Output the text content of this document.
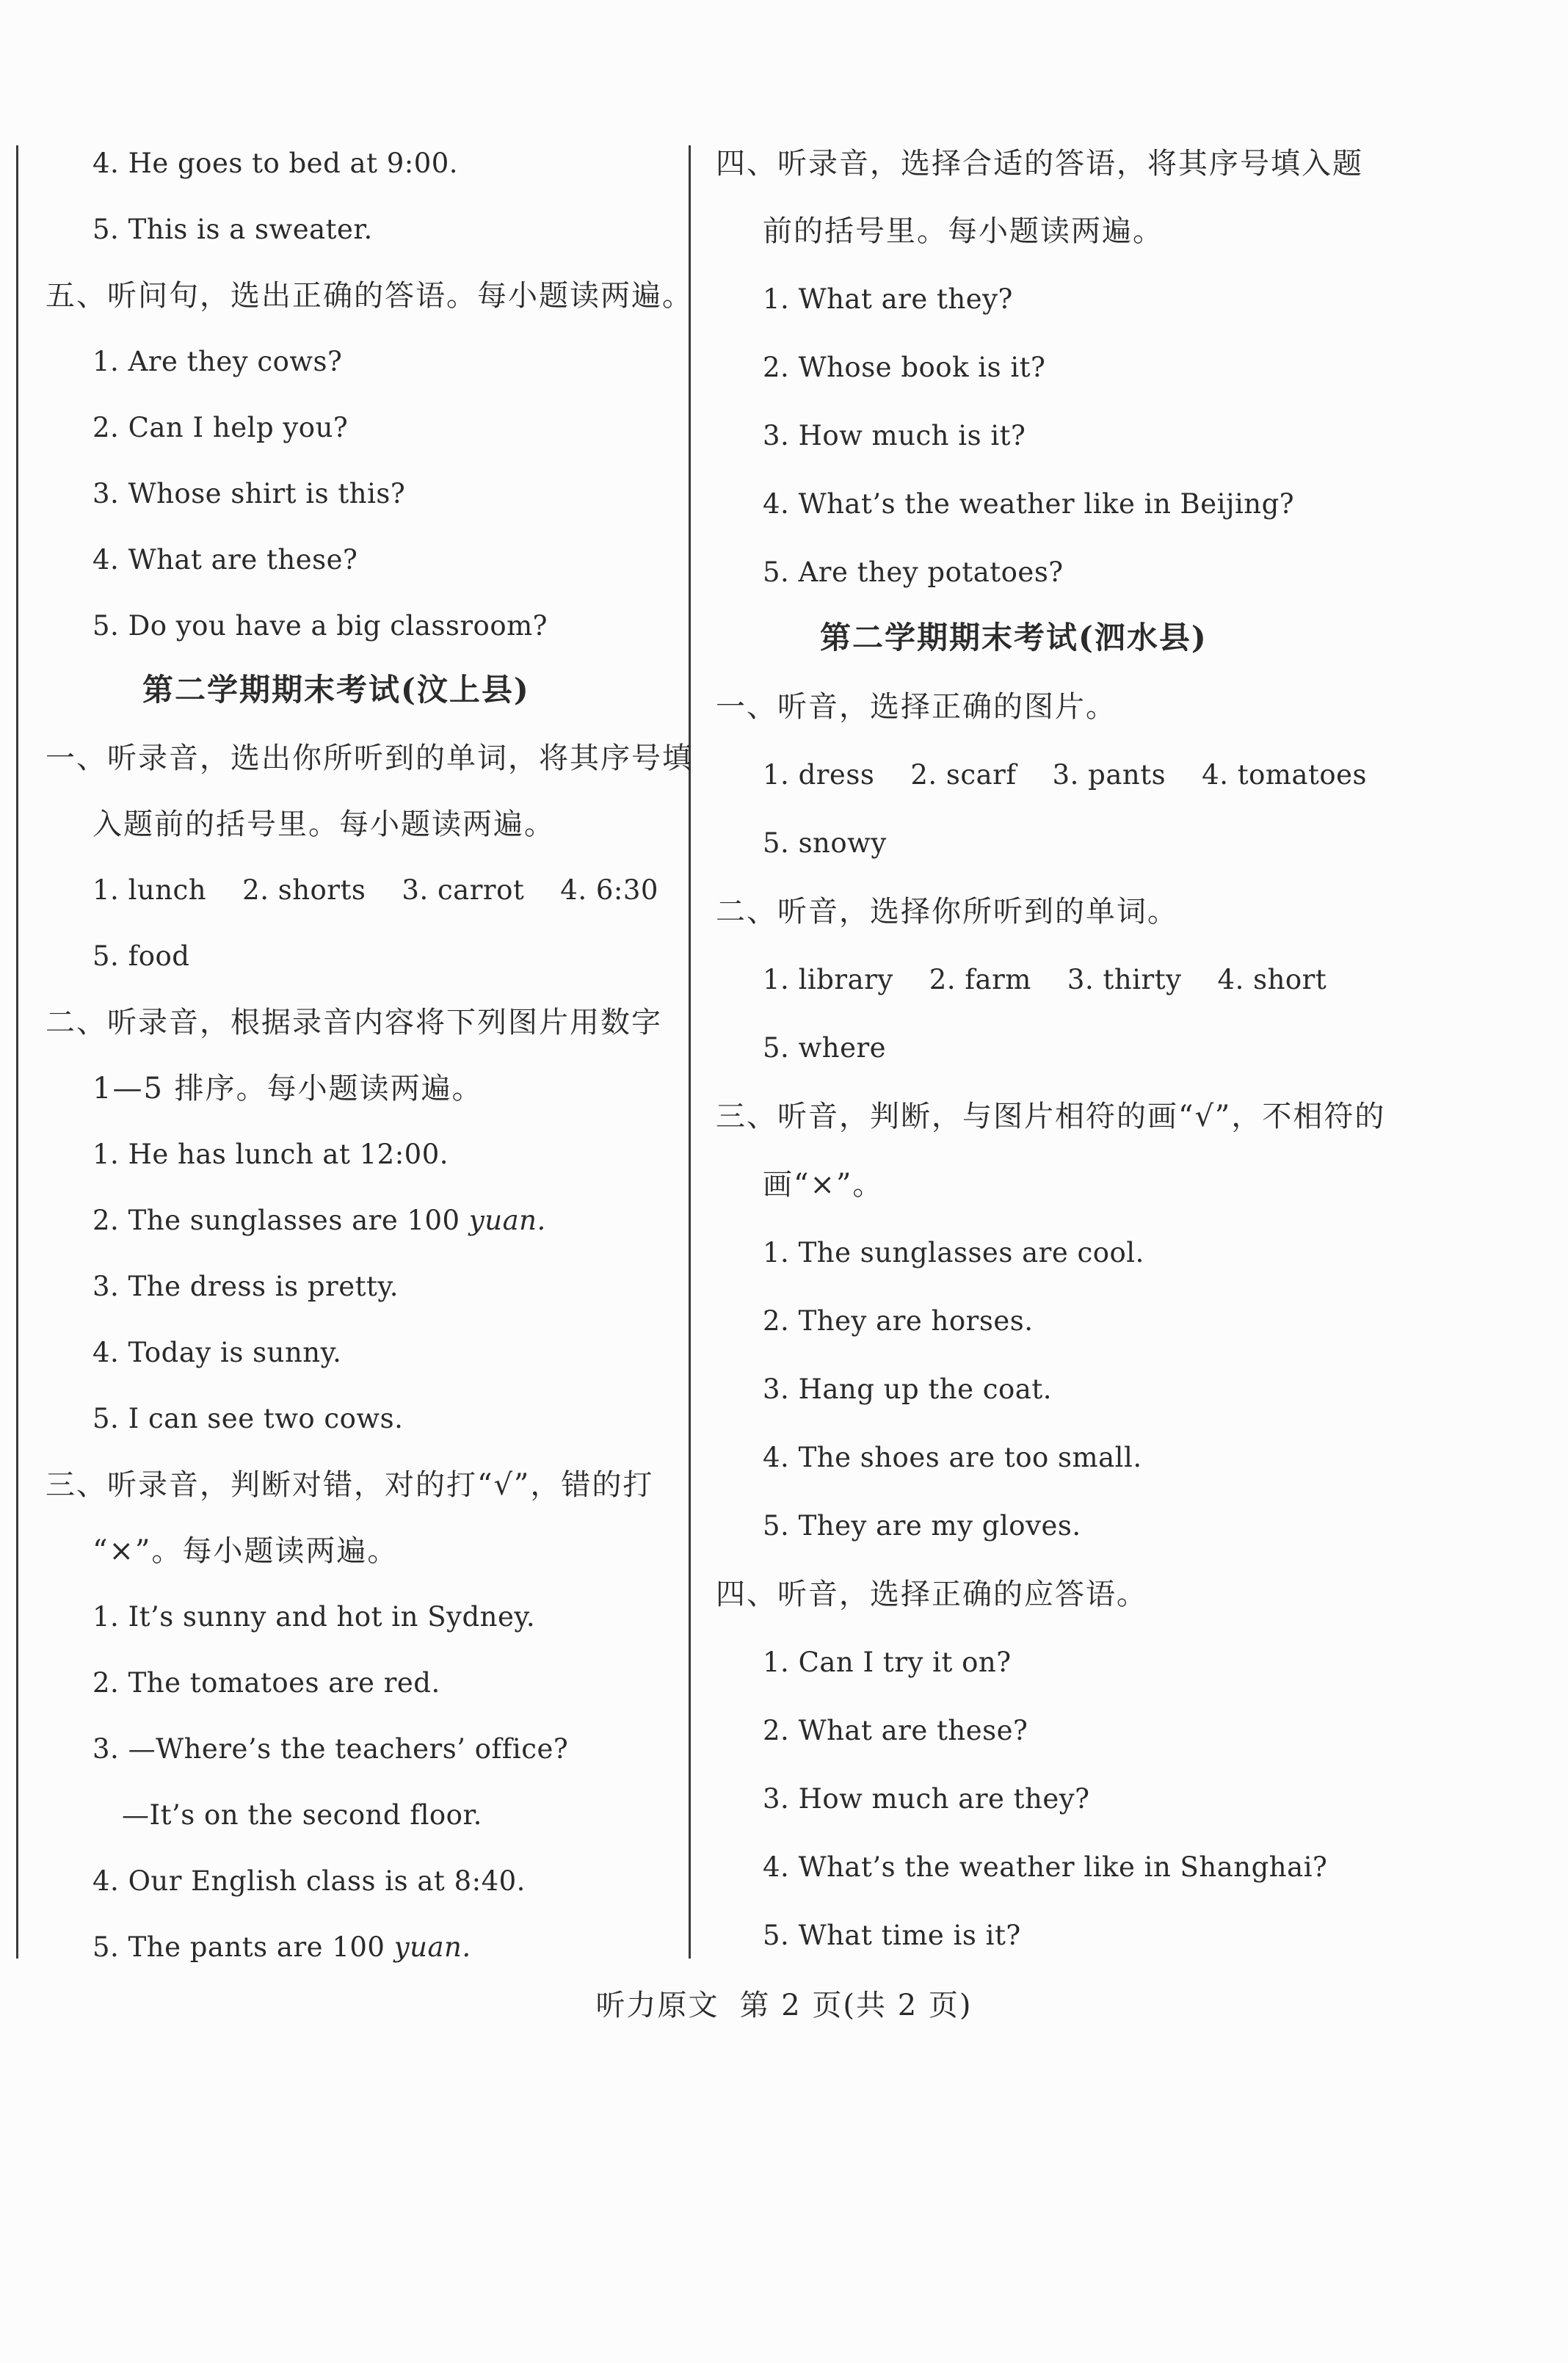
4. He goes to bed at 9:00.
5. This is a sweater.
五、听问句，选出正确的答语。每小题读两遍。
1. Are they cows?
2. Can I help you?
3. Whose shirt is this?
4. What are these?
5. Do you have a big classroom?
第二学期期末考试(汶上县)
一、听录音，选出你所听到的单词，将其序号填
入题前的括号里。每小题读两遍。
1. lunch    2. shorts    3. carrot    4. 6:30
5. food
二、听录音，根据录音内容将下列图片用数字
1—5 排序。每小题读两遍。
1. He has lunch at 12:00.
2. The sunglasses are 100 yuan.
3. The dress is pretty.
4. Today is sunny.
5. I can see two cows.
三、听录音，判断对错，对的打“√”，错的打
“×”。每小题读两遍。
1. It’s sunny and hot in Sydney.
2. The tomatoes are red.
3. —Where’s the teachers’ office?
—It’s on the second floor.
4. Our English class is at 8:40.
5. The pants are 100 yuan.
四、听录音，选择合适的答语，将其序号填入题
前的括号里。每小题读两遍。
1. What are they?
2. Whose book is it?
3. How much is it?
4. What’s the weather like in Beijing?
5. Are they potatoes?
第二学期期末考试(泗水县)
一、听音，选择正确的图片。
1. dress    2. scarf    3. pants    4. tomatoes
5. snowy
二、听音，选择你所听到的单词。
1. library    2. farm    3. thirty    4. short
5. where
三、听音，判断，与图片相符的画“√”，不相符的
画“×”。
1. The sunglasses are cool.
2. They are horses.
3. Hang up the coat.
4. The shoes are too small.
5. They are my gloves.
四、听音，选择正确的应答语。
1. Can I try it on?
2. What are these?
3. How much are they?
4. What’s the weather like in Shanghai?
5. What time is it?
听力原文 第 2 页(共 2 页)
